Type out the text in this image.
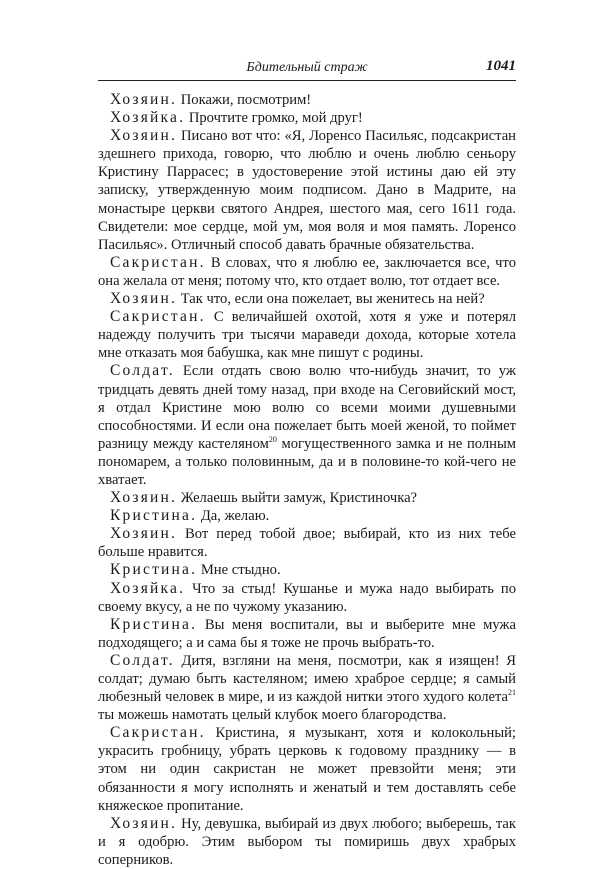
Бдительный страж	1041

Хозяин. Покажи, посмотрим!

Хозяйка. Прочтите громко, мой друг!

Хозяин. Писано вот что: «Я, Лоренсо Пасильяс, подсакристан здешнего прихода, говорю, что люблю и очень люблю сеньору Кристину Паррасес; в удостоверение этой истины даю ей эту записку, утвержденную моим подписом. Дано в Мадрите, на монастыре церкви святого Андрея, шестого мая, сего 1611 года. Свидетели: мое сердце, мой ум, моя воля и моя память. Лоренсо Пасильяс». Отличный способ давать брачные обязательства.

Сакристан. В словах, что я люблю ее, заключается все, что она желала от меня; потому что, кто отдает волю, тот отдает все.

Хозяин. Так что, если она пожелает, вы женитесь на ней?

Сакристан. С величайшей охотой, хотя я уже и потерял надежду получить три тысячи мараведи дохода, которые хотела мне отказать моя бабушка, как мне пишут с родины.

Солдат. Если отдать свою волю что-нибудь значит, то уж тридцать девять дней тому назад, при входе на Сеговийский мост, я отдал Кристине мою волю со всеми моими душевными способностями. И если она пожелает быть моей женой, то поймет разницу между кастеляном$^{20}$ могущественного замка и не полным пономарем, а только половинным, да и в половине-то кой-чего не хватает.

Хозяин. Желаешь выйти замуж, Кристиночка?

Кристина. Да, желаю.

Хозяин. Вот перед тобой двое; выбирай, кто из них тебе больше нравится.

Кристина. Мне стыдно.

Хозяйка. Что за стыд! Кушанье и мужа надо выбирать по своему вкусу, а не по чужому указанию.

Кристина. Вы меня воспитали, вы и выберите мне мужа подходящего; а и сама бы я тоже не прочь выбрать-то.

Солдат. Дитя, взгляни на меня, посмотри, как я изящен! Я солдат; думаю быть кастеляном; имею храброе сердце; я самый любезный человек в мире, и из каждой нитки этого худого колета$^{21}$ ты можешь намотать целый клубок моего благородства.

Сакристан. Кристина, я музыкант, хотя и колокольный; украсить гробницу, убрать церковь к годовому празднику — в этом ни один сакристан не может превзойти меня; эти обязанности я могу исполнять и женатый и тем доставлять себе княжеское пропитание.

Хозяин. Ну, девушка, выбирай из двух любого; выберешь, так и я одобрю. Этим выбором ты помиришь двух храбрых соперников.
